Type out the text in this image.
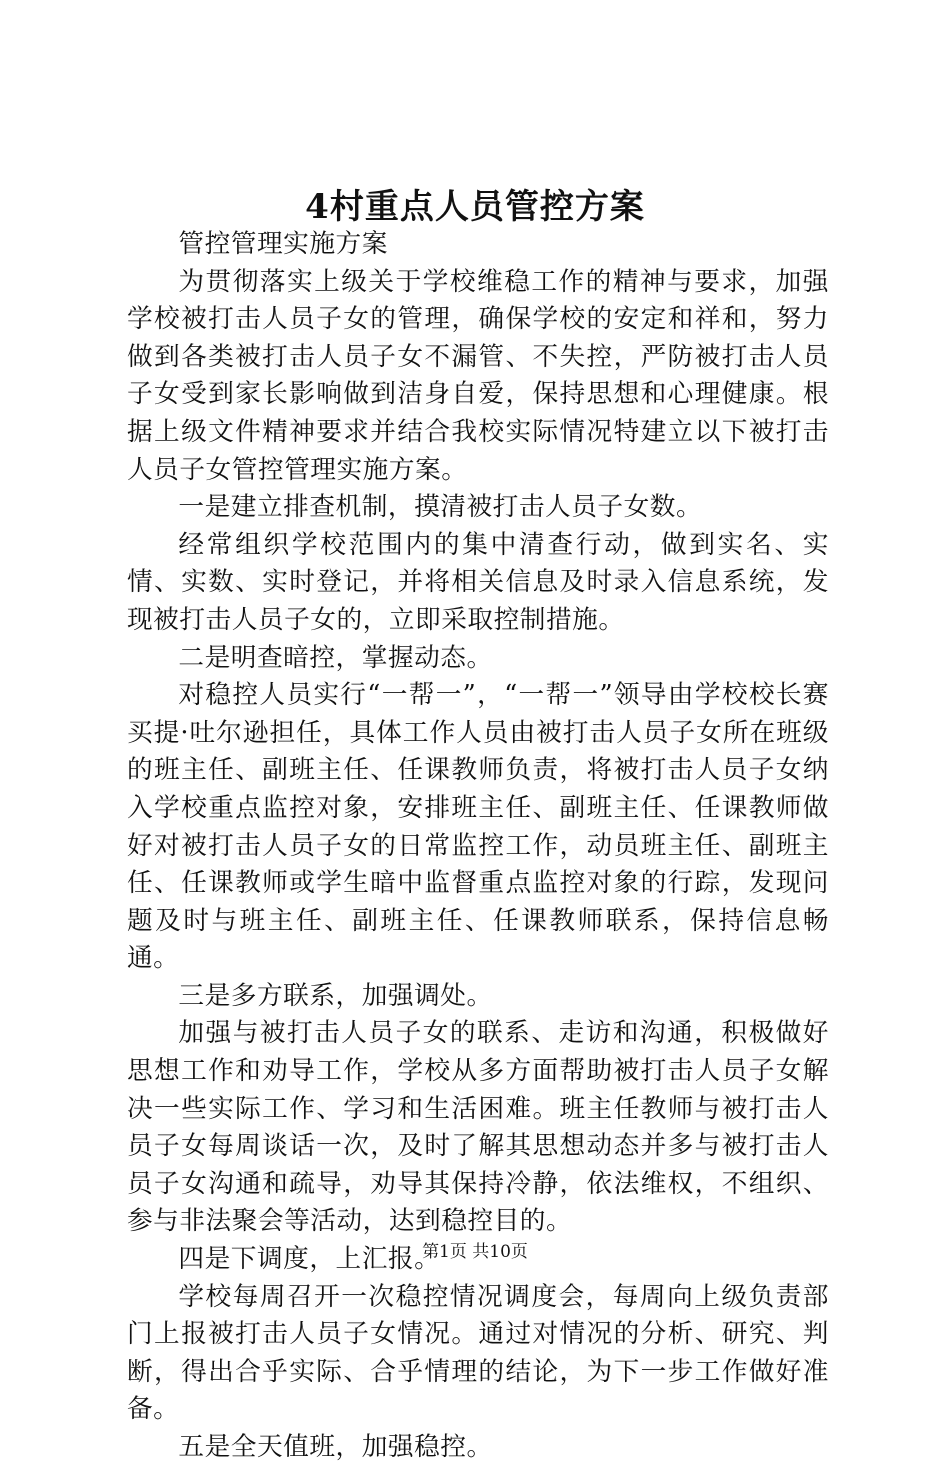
4村重点人员管控方案

管控管理实施方案

为贯彻落实上级关于学校维稳工作的精神与要求，加强学校被打击人员子女的管理，确保学校的安定和祥和，努力做到各类被打击人员子女不漏管、不失控，严防被打击人员子女受到家长影响做到洁身自爱，保持思想和心理健康。根据上级文件精神要求并结合我校实际情况特建立以下被打击人员子女管控管理实施方案。

一是建立排查机制，摸清被打击人员子女数。

经常组织学校范围内的集中清查行动，做到实名、实情、实数、实时登记，并将相关信息及时录入信息系统，发现被打击人员子女的，立即采取控制措施。

二是明查暗控，掌握动态。

对稳控人员实行“一帮一”，“一帮一”领导由学校校长赛买提·吐尔逊担任，具体工作人员由被打击人员子女所在班级的班主任、副班主任、任课教师负责，将被打击人员子女纳入学校重点监控对象，安排班主任、副班主任、任课教师做好对被打击人员子女的日常监控工作，动员班主任、副班主任、任课教师或学生暗中监督重点监控对象的行踪，发现问题及时与班主任、副班主任、任课教师联系，保持信息畅通。

三是多方联系，加强调处。

加强与被打击人员子女的联系、走访和沟通，积极做好思想工作和劝导工作，学校从多方面帮助被打击人员子女解决一些实际工作、学习和生活困难。班主任教师与被打击人员子女每周谈话一次，及时了解其思想动态并多与被打击人员子女沟通和疏导，劝导其保持冷静，依法维权，不组织、参与非法聚会等活动，达到稳控目的。

四是下调度，上汇报。

学校每周召开一次稳控情况调度会，每周向上级负责部门上报被打击人员子女情况。通过对情况的分析、研究、判断，得出合乎实际、合乎情理的结论，为下一步工作做好准备。

五是全天值班，加强稳控。

第1页 共10页
